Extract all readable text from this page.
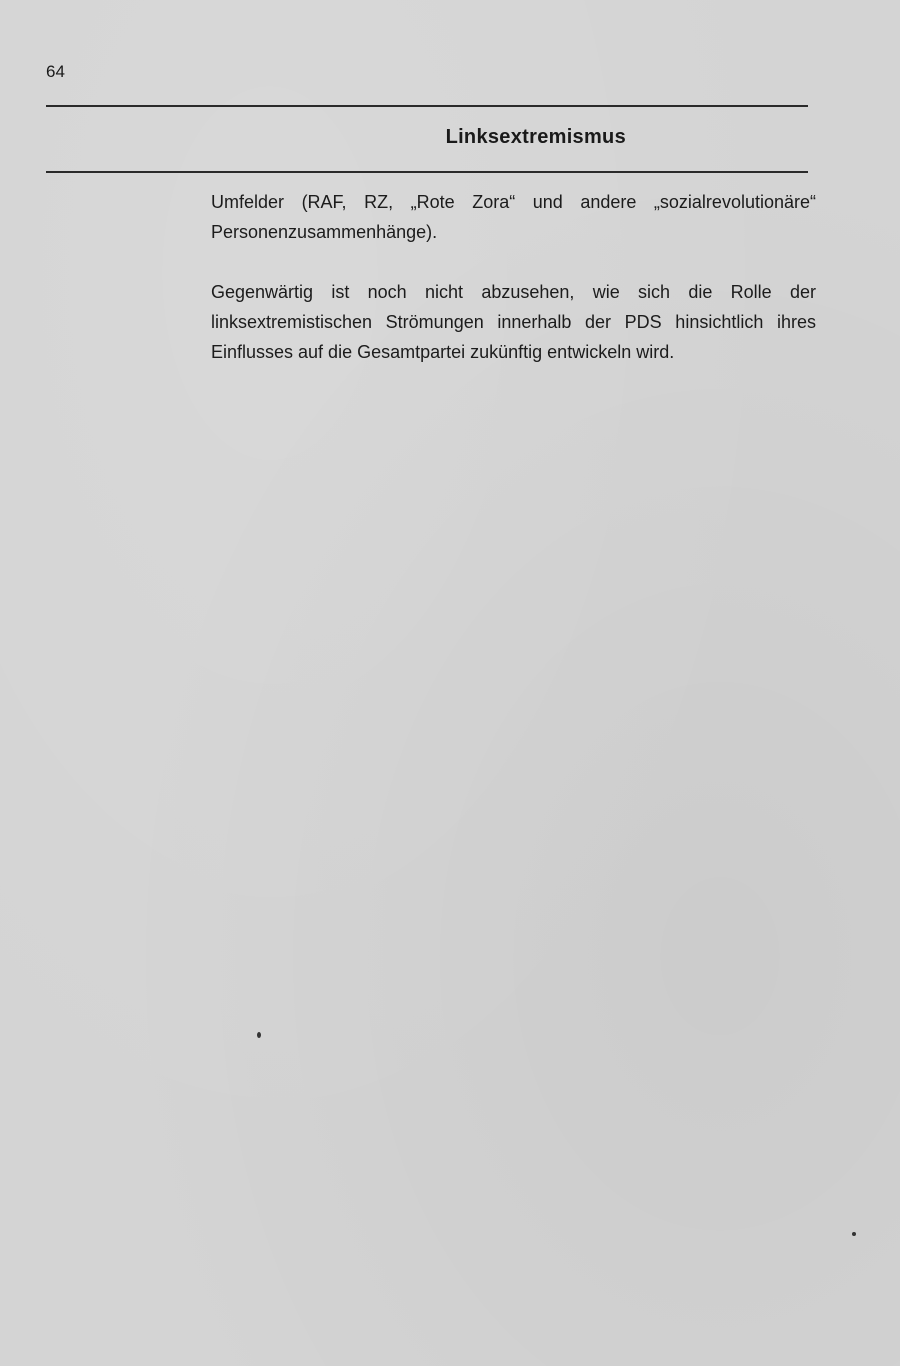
64
Linksextremismus

Umfelder (RAF, RZ, „Rote Zora“ und andere „sozialrevolutionäre“ Personenzusammenhänge).

Gegenwärtig ist noch nicht abzusehen, wie sich die Rolle der linksextremistischen Strömungen innerhalb der PDS hinsichtlich ihres Einflusses auf die Gesamtpartei zukünftig entwickeln wird.
